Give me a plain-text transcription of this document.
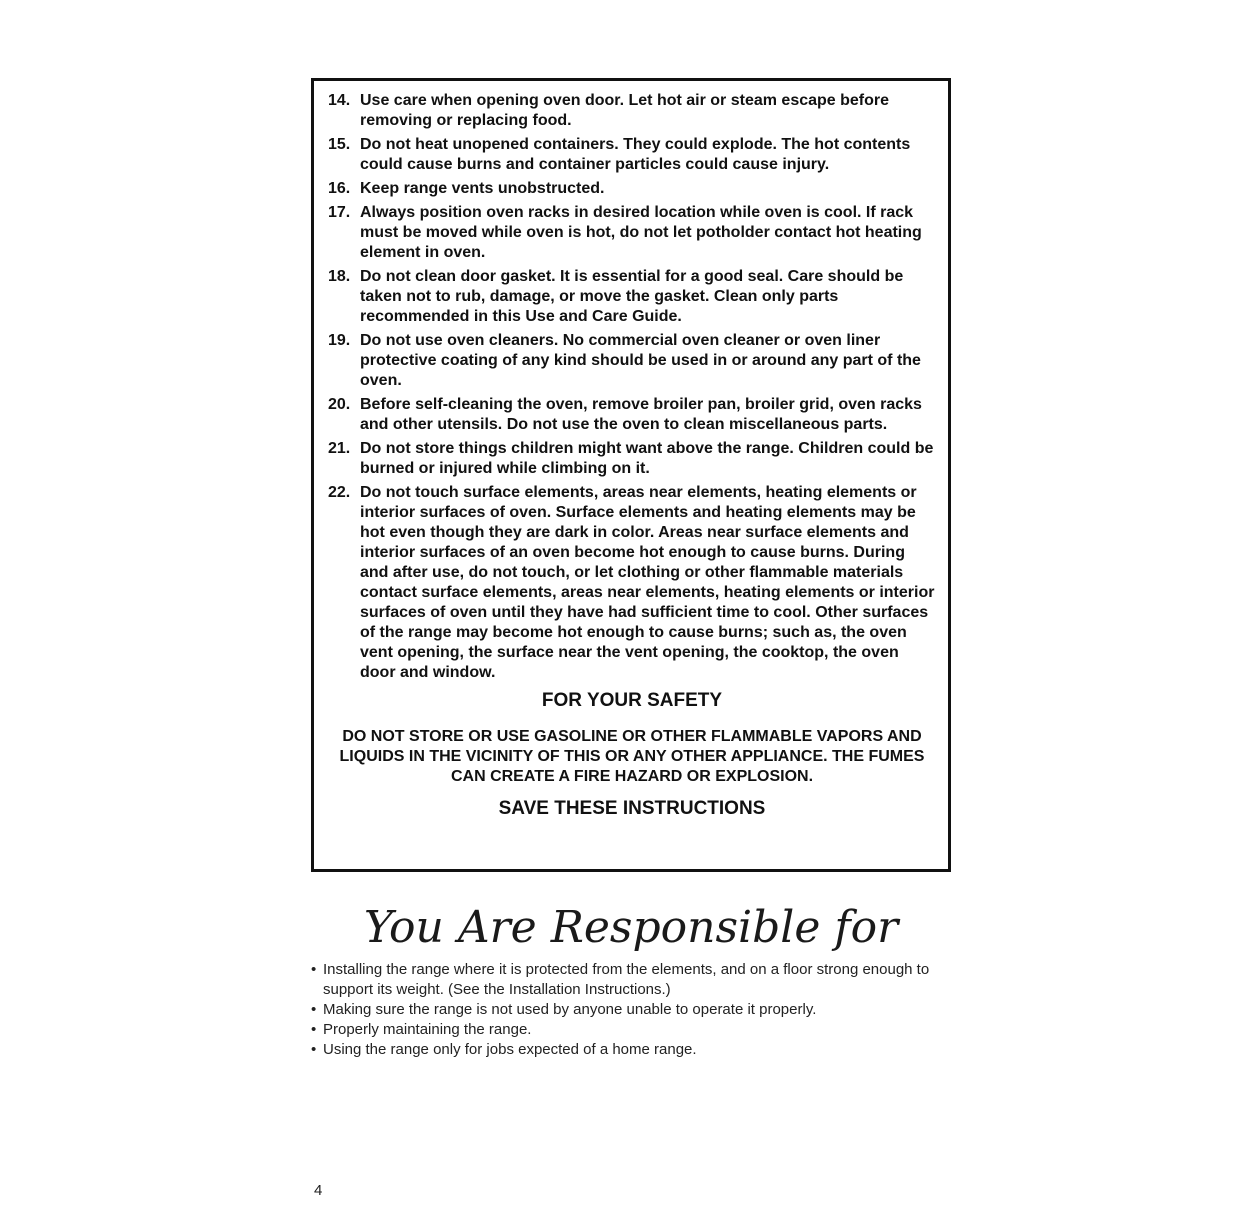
14. Use care when opening oven door. Let hot air or steam escape before removing or replacing food.
15. Do not heat unopened containers. They could explode. The hot contents could cause burns and container particles could cause injury.
16. Keep range vents unobstructed.
17. Always position oven racks in desired location while oven is cool. If rack must be moved while oven is hot, do not let potholder contact hot heating element in oven.
18. Do not clean door gasket. It is essential for a good seal. Care should be taken not to rub, damage, or move the gasket. Clean only parts recommended in this Use and Care Guide.
19. Do not use oven cleaners. No commercial oven cleaner or oven liner protective coating of any kind should be used in or around any part of the oven.
20. Before self-cleaning the oven, remove broiler pan, broiler grid, oven racks and other utensils. Do not use the oven to clean miscellaneous parts.
21. Do not store things children might want above the range. Children could be burned or injured while climbing on it.
22. Do not touch surface elements, areas near elements, heating elements or interior surfaces of oven. Surface elements and heating elements may be hot even though they are dark in color. Areas near surface elements and interior surfaces of an oven become hot enough to cause burns. During and after use, do not touch, or let clothing or other flammable materials contact surface elements, areas near elements, heating elements or interior surfaces of oven until they have had sufficient time to cool. Other surfaces of the range may become hot enough to cause burns; such as, the oven vent opening, the surface near the vent opening, the cooktop, the oven door and window.
FOR YOUR SAFETY
DO NOT STORE OR USE GASOLINE OR OTHER FLAMMABLE VAPORS AND LIQUIDS IN THE VICINITY OF THIS OR ANY OTHER APPLIANCE. THE FUMES CAN CREATE A FIRE HAZARD OR EXPLOSION.
SAVE THESE INSTRUCTIONS
You Are Responsible for
• Installing the range where it is protected from the elements, and on a floor strong enough to support its weight. (See the Installation Instructions.)
• Making sure the range is not used by anyone unable to operate it properly.
• Properly maintaining the range.
• Using the range only for jobs expected of a home range.
4
